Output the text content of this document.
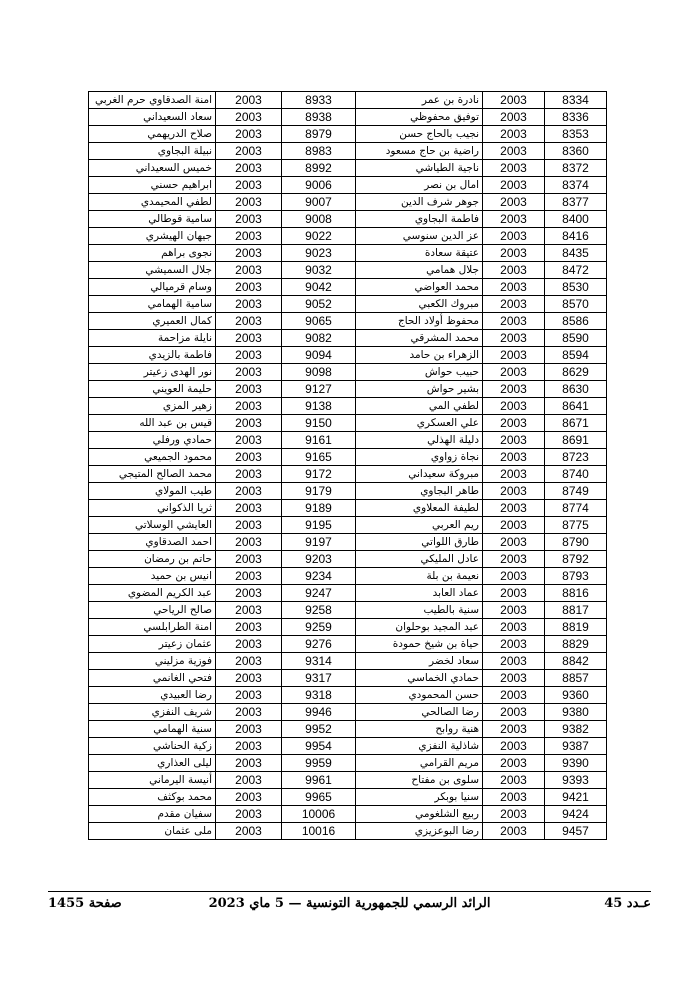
امنة الصدقاوي حرم الغربي	2003	8933	نادرة بن عمر	2003	8334
سعاد السعيداني	2003	8938	توفيق محفوظي	2003	8336
صلاح الدريهمي	2003	8979	نجيب بالحاج حسن	2003	8353
نبيلة البجاوي	2003	8983	راضية بن حاج مسعود	2003	8360
خميس السعيداني	2003	8992	ناجية الطياشي	2003	8372
ابراهيم حسني	2003	9006	امال بن نصر	2003	8374
لطفي المحيمدي	2003	9007	جوهر شرف الدين	2003	8377
سامية قوطالي	2003	9008	فاطمة البجاوي	2003	8400
جيهان الهيشري	2003	9022	عز الدين سنوسي	2003	8416
نجوى براهم	2003	9023	عتيقة سعادة	2003	8435
جلال السميشي	2003	9032	جلال همامي	2003	8472
وسام قرميالي	2003	9042	محمد العواضي	2003	8530
سامية الهمامي	2003	9052	مبروك الكعبي	2003	8570
كمال العميري	2003	9065	محفوظ أولاد الحاج	2003	8586
نايلة مزاحمة	2003	9082	محمد المشرقي	2003	8590
فاطمة بالزيدي	2003	9094	الزهراء بن حامد	2003	8594
نور الهدى زعيتر	2003	9098	حبيب حواش	2003	8629
حليمة العويني	2003	9127	بشير حواش	2003	8630
زهير المزي	2003	9138	لطفي المي	2003	8641
قيس بن عبد الله	2003	9150	علي العسكري	2003	8671
حمادي ورفلي	2003	9161	دليلة الهذلي	2003	8691
محمود الجميعي	2003	9165	نجاة زواوي	2003	8723
محمد الصالح المتيجي	2003	9172	مبروكة سعيداني	2003	8740
طيب المولاي	2003	9179	طاهر البجاوي	2003	8749
ثريا الذكواني	2003	9189	لطيفة المعلاوي	2003	8774
العايشي الوسلاتي	2003	9195	ريم العربي	2003	8775
احمد الصدقاوي	2003	9197	طارق اللواتي	2003	8790
حاتم بن رمضان	2003	9203	عادل المليكي	2003	8792
انيس بن حميد	2003	9234	نعيمة بن بلة	2003	8793
عبد الكريم المضوي	2003	9247	عماد العابد	2003	8816
صالح الرياحي	2003	9258	سنية بالطيب	2003	8817
امنة الطرابلسي	2003	9259	عبد المجيد بوحلوان	2003	8819
عثمان زعيتر	2003	9276	حياة بن شيخ حمودة	2003	8829
فوزية مزليني	2003	9314	سعاد لخضر	2003	8842
فتحي الغانمي	2003	9317	حمادي الخماسي	2003	8857
رضا العبيدي	2003	9318	حسن المحمودي	2003	9360
شريف النفزي	2003	9946	رضا الصالحي	2003	9380
سنية الهمامي	2003	9952	هنية روابح	2003	9382
زكية الحناشي	2003	9954	شاذلية النفزي	2003	9387
ليلى العذاري	2003	9959	مريم القرامي	2003	9390
أنيسة اليرماني	2003	9961	سلوى بن مفتاح	2003	9393
محمد بوكثف	2003	9965	سنيا بوبكر	2003	9421
سفيان مقدم	2003	10006	ربيع الشلغومي	2003	9424
ملى عثمان	2003	10016	رضا البوعزيزي	2003	9457
صفحة 1455	الرائد الرسمي للجمهورية التونسية — 5 ماي 2023	عـدد 45
